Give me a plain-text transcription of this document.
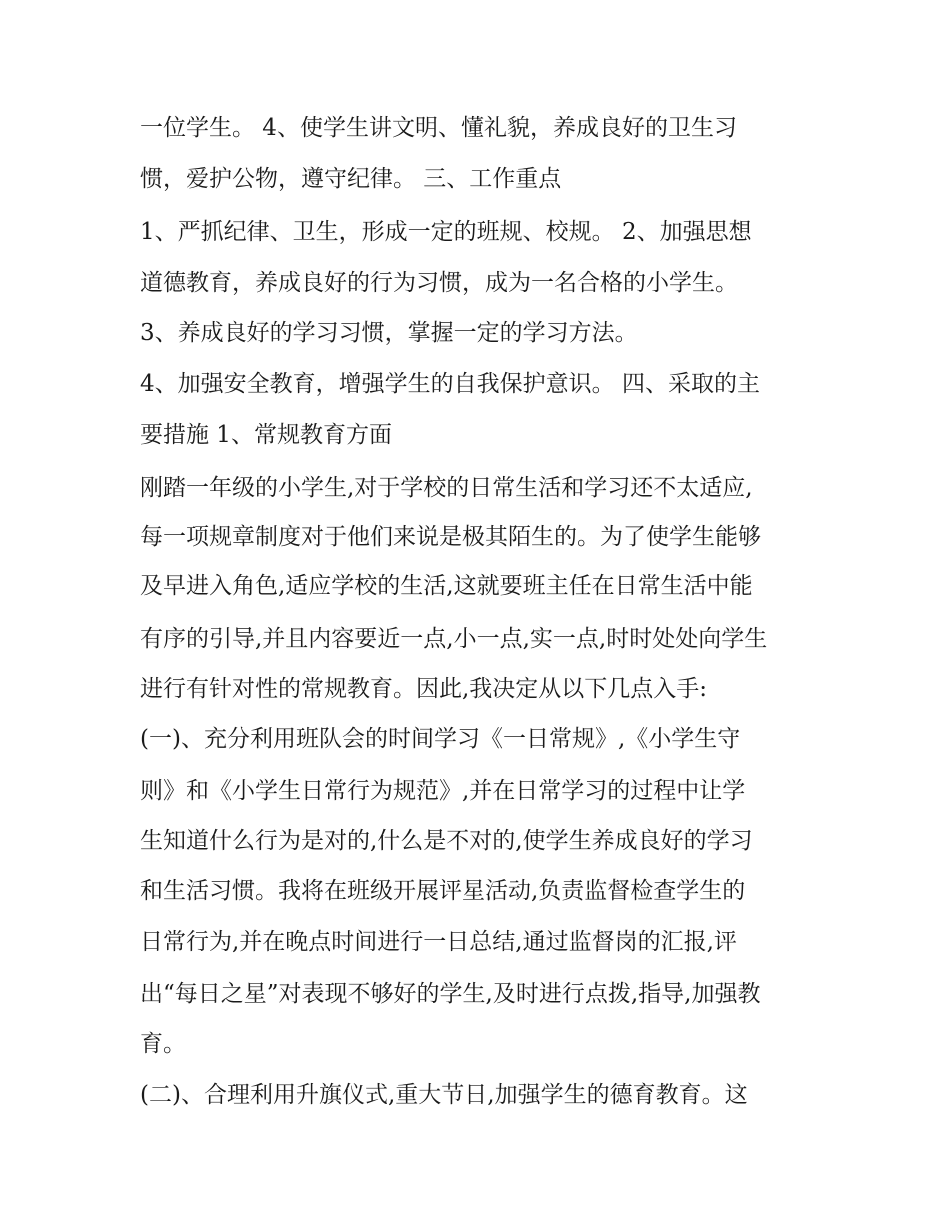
一位学生。 4、使学生讲文明、懂礼貌，养成良好的卫生习
惯，爱护公物，遵守纪律。 三、工作重点
1、严抓纪律、卫生，形成一定的班规、校规。 2、加强思想
道德教育，养成良好的行为习惯，成为一名合格的小学生。
3、养成良好的学习习惯，掌握一定的学习方法。
4、加强安全教育，增强学生的自我保护意识。 四、采取的主
要措施 1、常规教育方面
刚踏一年级的小学生,对于学校的日常生活和学习还不太适应,
每一项规章制度对于他们来说是极其陌生的。为了使学生能够
及早进入角色,适应学校的生活,这就要班主任在日常生活中能
有序的引导,并且内容要近一点,小一点,实一点,时时处处向学生
进行有针对性的常规教育。因此,我决定从以下几点入手:
(一)、充分利用班队会的时间学习《一日常规》,《小学生守
则》和《小学生日常行为规范》,并在日常学习的过程中让学
生知道什么行为是对的,什么是不对的,使学生养成良好的学习
和生活习惯。我将在班级开展评星活动,负责监督检查学生的
日常行为,并在晚点时间进行一日总结,通过监督岗的汇报,评
出“每日之星”对表现不够好的学生,及时进行点拨,指导,加强教
育。
(二)、合理利用升旗仪式,重大节日,加强学生的德育教育。这
